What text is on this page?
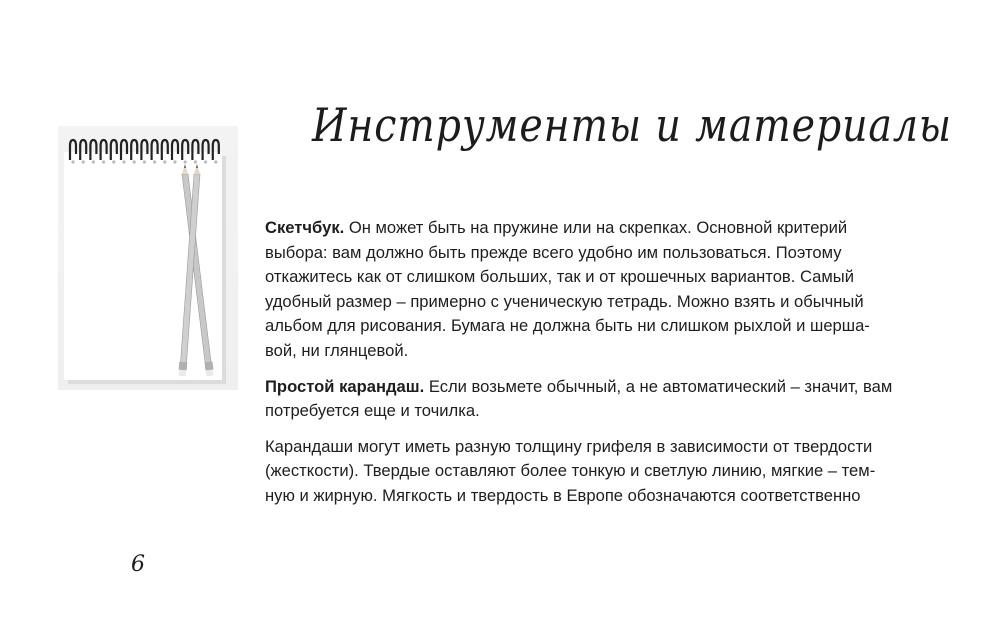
Инструменты и материалы

Скетчбук. Он может быть на пружине или на скрепках. Основной критерий выбора: вам должно быть прежде всего удобно им пользоваться. Поэтому откажитесь как от слишком больших, так и от крошечных вариантов. Самый удобный размер – примерно с ученическую тетрадь. Можно взять и обычный альбом для рисования. Бумага не должна быть ни слишком рыхлой и шерша- вой, ни глянцевой.

Простой карандаш. Если возьмете обычный, а не автоматический – значит, вам потребуется еще и точилка.

Карандаши могут иметь разную толщину грифеля в зависимости от твердости (жесткости). Твердые оставляют более тонкую и светлую линию, мягкие – тем- ную и жирную. Мягкость и твердость в Европе обозначаются соответственно

6
